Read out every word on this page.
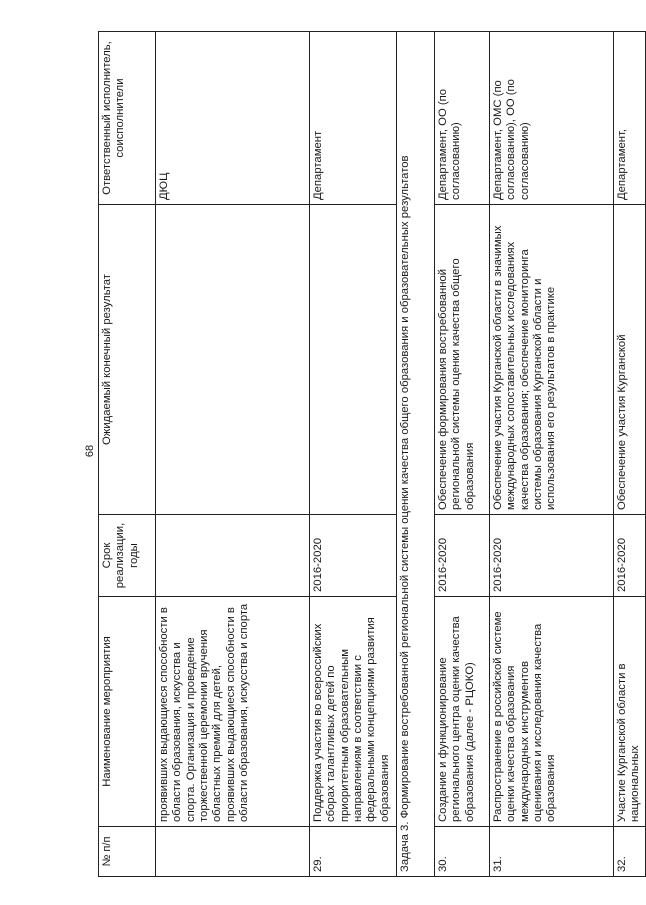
68
№ п/п	Наименование мероприятия	Срок реализации, годы	Ожидаемый конечный результат	Ответственный исполнитель, соисполнители
	проявивших выдающиеся способности в области образования, искусства и спорта. Организация и проведение торжественной церемонии вручения областных премий для детей, проявивших выдающиеся способности в области образования, искусства и спорта			ДЮЦ
29.	Поддержка участия во всероссийских сборах талантливых детей по приоритетным образовательным направлениям в соответствии с федеральными концепциями развития образования	2016-2020		Департамент
Задача 3. Формирование востребованной региональной системы оценки качества общего образования и образовательных результатов				
30.	Создание и функционирование регионального центра оценки качества образования (далее - РЦОКО)	2016-2020	Обеспечение формирования востребованной региональной системы оценки качества общего образования	Департамент, ОО (по согласованию)
31.	Распространение в российской системе оценки качества образования международных инструментов оценивания и исследования качества образования	2016-2020	Обеспечение участия Курганской области в значимых международных сопоставительных исследованиях качества образования; обеспечение мониторинга системы образования Курганской области и использования его результатов в практике	Департамент, ОМС (по согласованию), ОО (по согласованию)
32.	Участие Курганской области в национальных	2016-2020	Обеспечение участия Курганской	Департамент,
